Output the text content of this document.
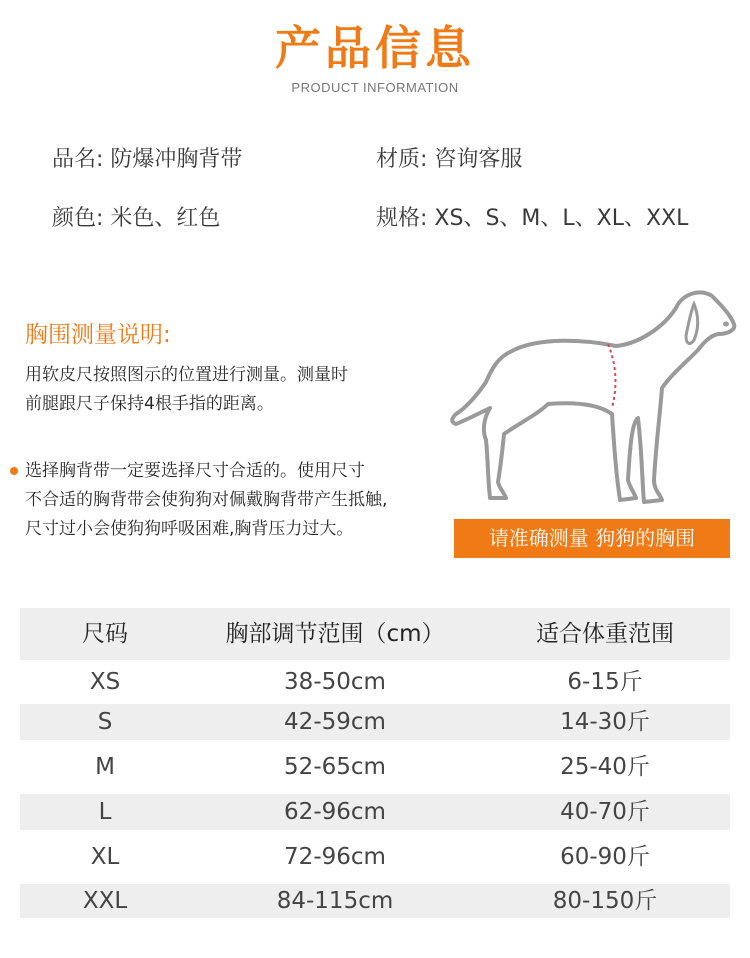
产品信息
PRODUCT INFORMATION
品名: 防爆冲胸背带	材质: 咨询客服
颜色: 米色、红色	规格: XS、S、M、L、XL、XXL
胸围测量说明:
用软皮尺按照图示的位置进行测量。测量时
前腿跟尺子保持4根手指的距离。
选择胸背带一定要选择尺寸合适的。使用尺寸
不合适的胸背带会使狗狗对佩戴胸背带产生抵触,
尺寸过小会使狗狗呼吸困难,胸背压力过大。	请准确测量 狗狗的胸围
尺码	胸部调节范围（cm）	适合体重范围
XS	38-50cm	6-15斤
S	42-59cm	14-30斤
M	52-65cm	25-40斤
L	62-96cm	40-70斤
XL	72-96cm	60-90斤
XXL	84-115cm	80-150斤
